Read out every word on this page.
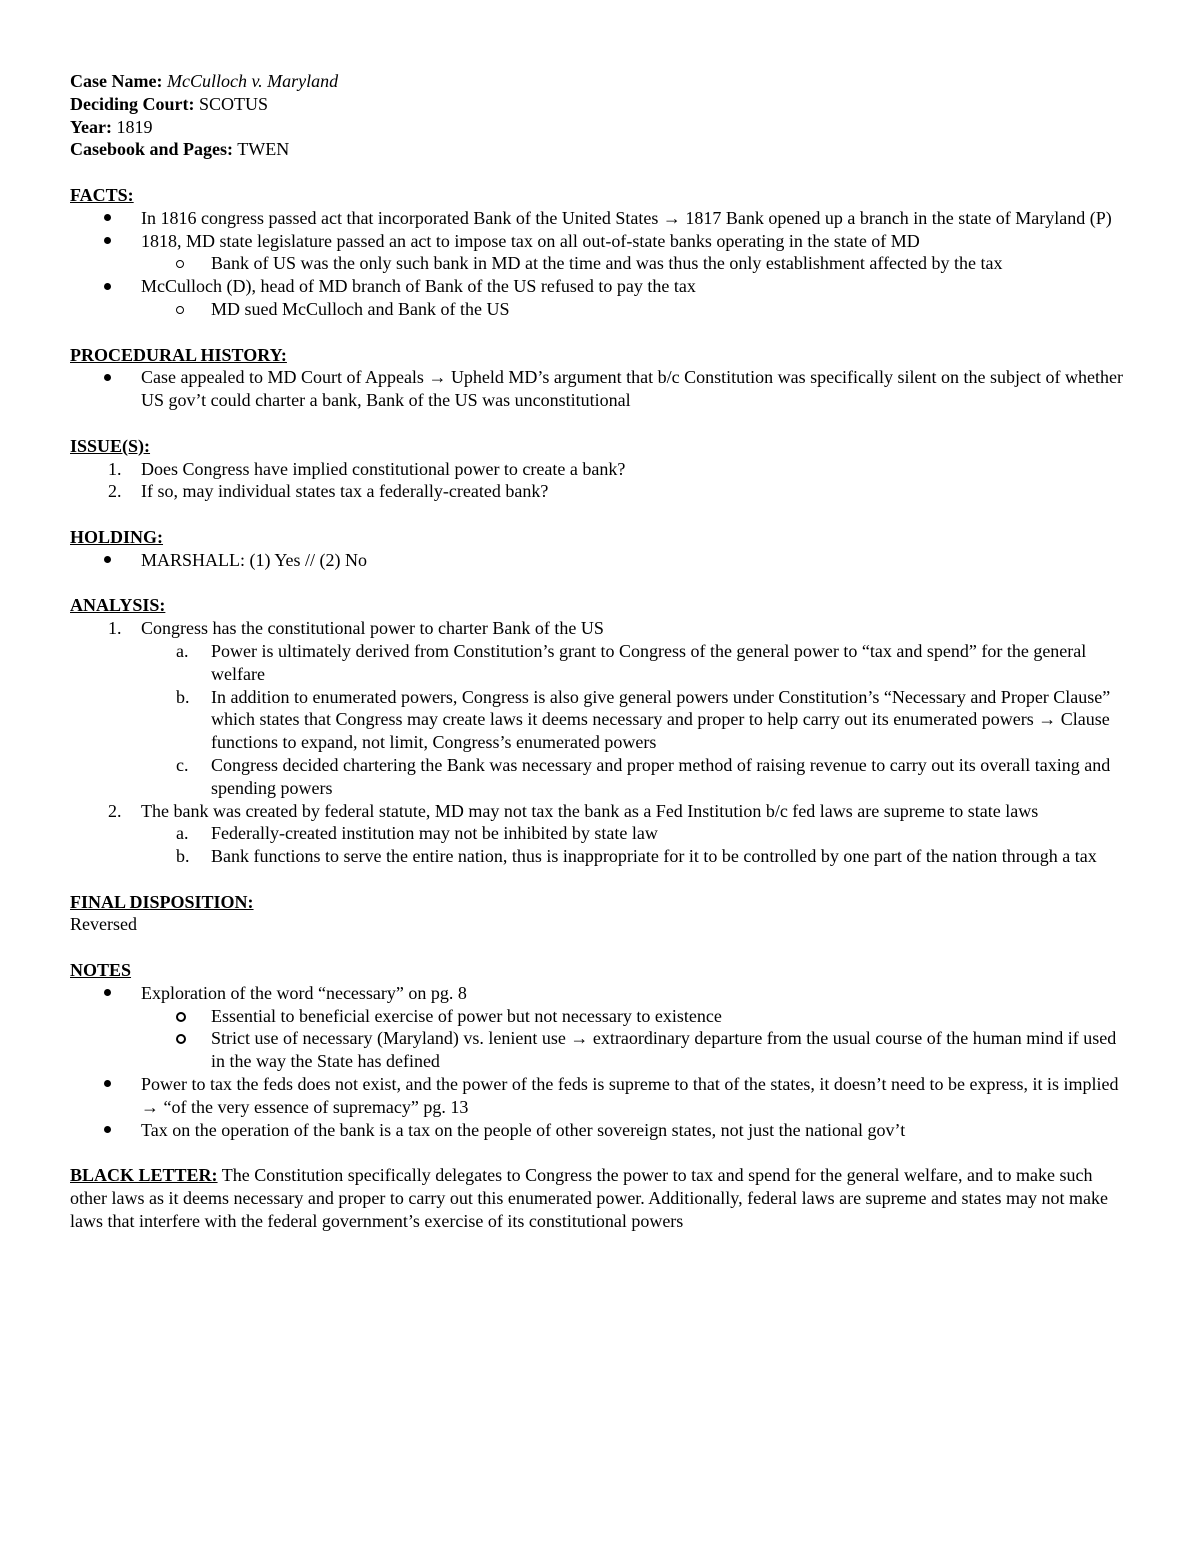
Case Name: McCulloch v. Maryland
Deciding Court: SCOTUS
Year: 1819
Casebook and Pages: TWEN
FACTS:
In 1816 congress passed act that incorporated Bank of the United States → 1817 Bank opened up a branch in the state of Maryland (P)
1818, MD state legislature passed an act to impose tax on all out-of-state banks operating in the state of MD
Bank of US was the only such bank in MD at the time and was thus the only establishment affected by the tax
McCulloch (D), head of MD branch of Bank of the US refused to pay the tax
MD sued McCulloch and Bank of the US
PROCEDURAL HISTORY:
Case appealed to MD Court of Appeals → Upheld MD’s argument that b/c Constitution was specifically silent on the subject of whether US gov’t could charter a bank, Bank of the US was unconstitutional
ISSUE(S):
1. Does Congress have implied constitutional power to create a bank?
2. If so, may individual states tax a federally-created bank?
HOLDING:
MARSHALL: (1) Yes // (2) No
ANALYSIS:
1. Congress has the constitutional power to charter Bank of the US
a. Power is ultimately derived from Constitution’s grant to Congress of the general power to “tax and spend” for the general welfare
b. In addition to enumerated powers, Congress is also give general powers under Constitution’s “Necessary and Proper Clause” which states that Congress may create laws it deems necessary and proper to help carry out its enumerated powers → Clause functions to expand, not limit, Congress’s enumerated powers
c. Congress decided chartering the Bank was necessary and proper method of raising revenue to carry out its overall taxing and spending powers
2. The bank was created by federal statute, MD may not tax the bank as a Fed Institution b/c fed laws are supreme to state laws
a. Federally-created institution may not be inhibited by state law
b. Bank functions to serve the entire nation, thus is inappropriate for it to be controlled by one part of the nation through a tax
FINAL DISPOSITION:
Reversed
NOTES
Exploration of the word “necessary” on pg. 8
Essential to beneficial exercise of power but not necessary to existence
Strict use of necessary (Maryland) vs. lenient use → extraordinary departure from the usual course of the human mind if used in the way the State has defined
Power to tax the feds does not exist, and the power of the feds is supreme to that of the states, it doesn’t need to be express, it is implied → “of the very essence of supremacy” pg. 13
Tax on the operation of the bank is a tax on the people of other sovereign states, not just the national gov’t
BLACK LETTER: The Constitution specifically delegates to Congress the power to tax and spend for the general welfare, and to make such other laws as it deems necessary and proper to carry out this enumerated power. Additionally, federal laws are supreme and states may not make laws that interfere with the federal government’s exercise of its constitutional powers
